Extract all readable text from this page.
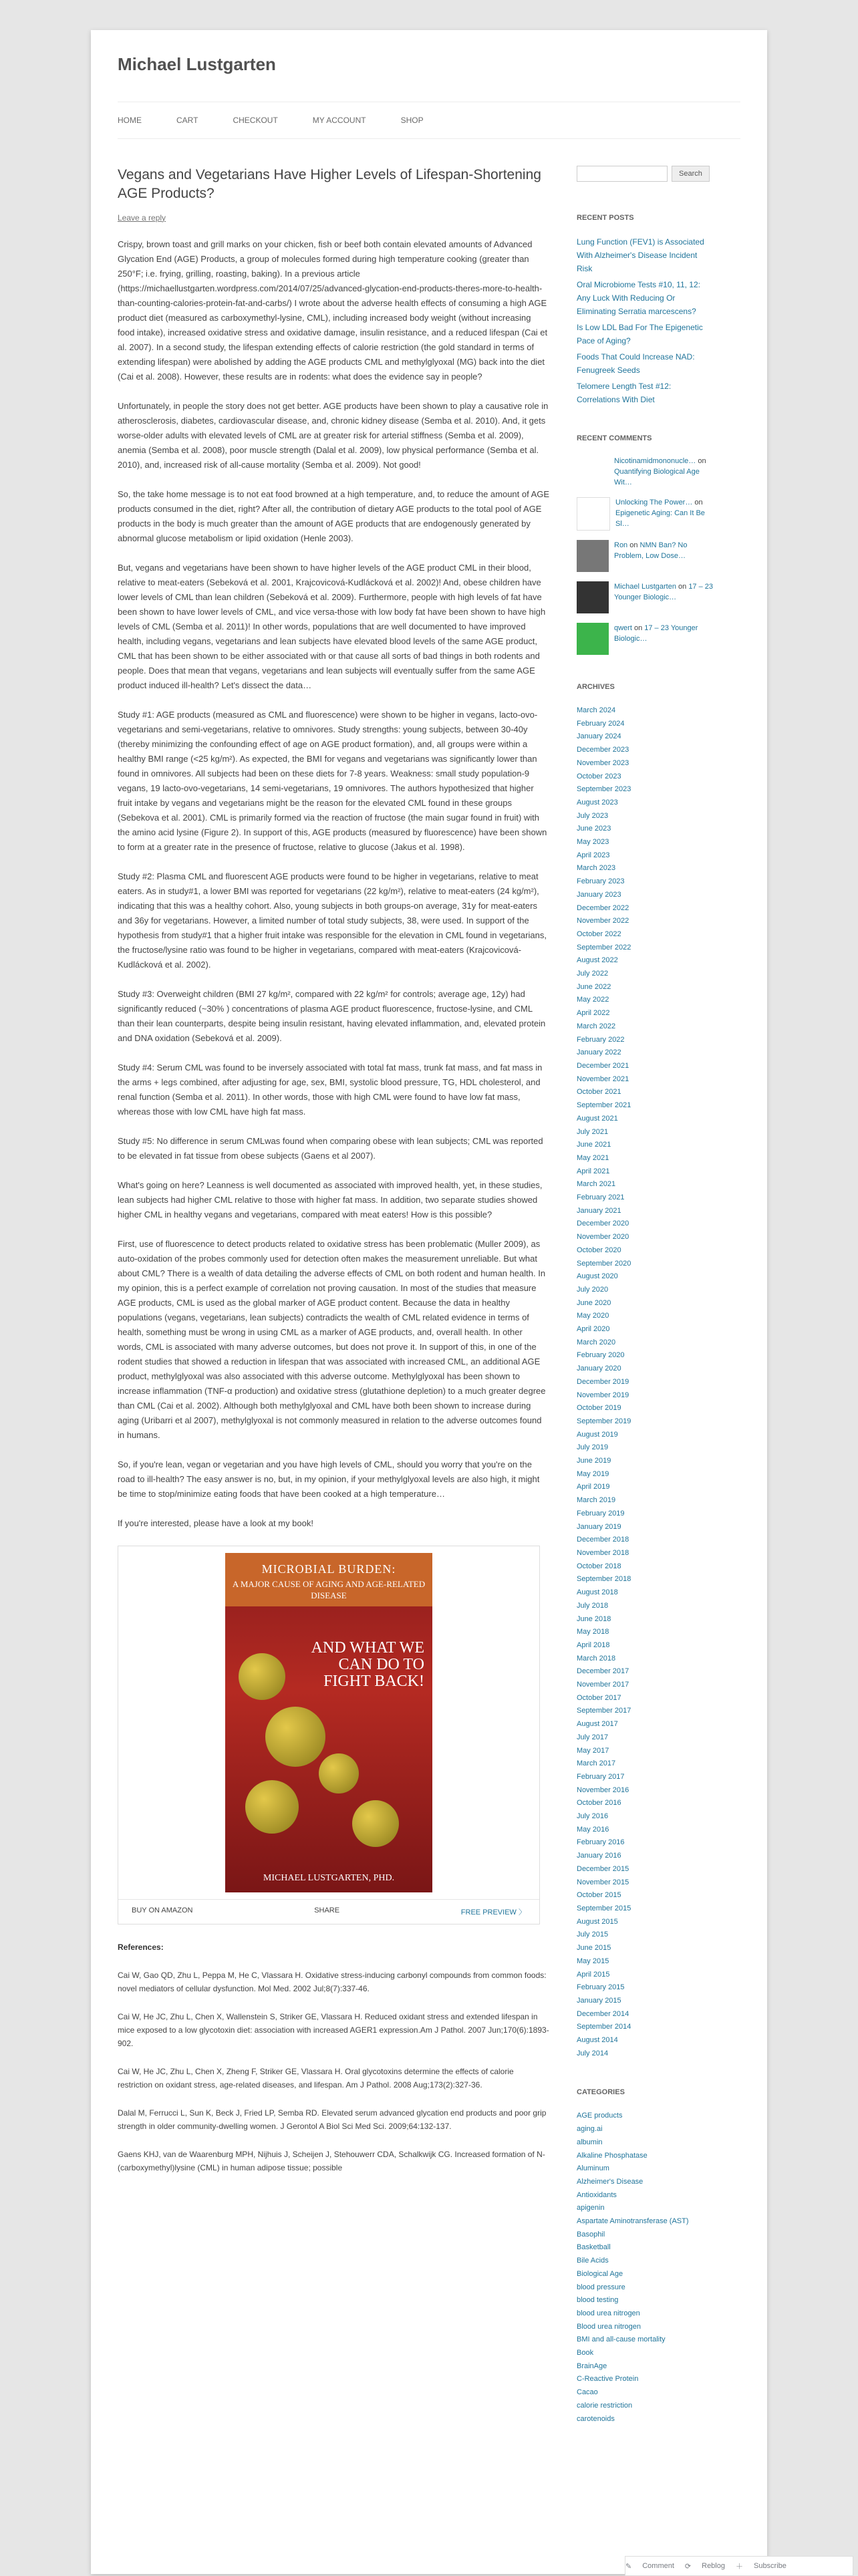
Michael Lustgarten
HOME	CART	CHECKOUT	MY ACCOUNT	SHOP
Vegans and Vegetarians Have Higher Levels of Lifespan-Shortening AGE Products?
Leave a reply

Crispy, brown toast and grill marks on your chicken, fish or beef both contain elevated amounts of Advanced Glycation End (AGE) Products, a group of molecules formed during high temperature cooking (greater than 250°F; i.e. frying, grilling, roasting, baking). In a previous article (https://michaellustgarten.wordpress.com/2014/07/25/advanced-glycation-end-products-theres-more-to-health-than-counting-calories-protein-fat-and-carbs/) I wrote about the adverse health effects of consuming a high AGE product diet (measured as carboxymethyl-lysine, CML), including increased body weight (without increasing food intake), increased oxidative stress and oxidative damage, insulin resistance, and a reduced lifespan (Cai et al. 2007). In a second study, the lifespan extending effects of calorie restriction (the gold standard in terms of extending lifespan) were abolished by adding the AGE products CML and methylglyoxal (MG) back into the diet (Cai et al. 2008). However, these results are in rodents: what does the evidence say in people?

Unfortunately, in people the story does not get better. AGE products have been shown to play a causative role in atherosclerosis, diabetes, cardiovascular disease, and, chronic kidney disease (Semba et al. 2010). And, it gets worse-older adults with elevated levels of CML are at greater risk for arterial stiffness (Semba et al. 2009), anemia (Semba et al. 2008), poor muscle strength (Dalal et al. 2009), low physical performance (Semba et al. 2010), and, increased risk of all-cause mortality (Semba et al. 2009). Not good!

So, the take home message is to not eat food browned at a high temperature, and, to reduce the amount of AGE products consumed in the diet, right? After all, the contribution of dietary AGE products to the total pool of AGE products in the body is much greater than the amount of AGE products that are endogenously generated by abnormal glucose metabolism or lipid oxidation (Henle 2003).

But, vegans and vegetarians have been shown to have higher levels of the AGE product CML in their blood, relative to meat-eaters (Sebeková et al. 2001, Krajcovicová-Kudlácková et al. 2002)! And, obese children have lower levels of CML than lean children (Sebeková et al. 2009). Furthermore, people with high levels of fat have been shown to have lower levels of CML, and vice versa-those with low body fat have been shown to have high levels of CML (Semba et al. 2011)! In other words, populations that are well documented to have improved health, including vegans, vegetarians and lean subjects have elevated blood levels of the same AGE product, CML that has been shown to be either associated with or that cause all sorts of bad things in both rodents and people. Does that mean that vegans, vegetarians and lean subjects will eventually suffer from the same AGE product induced ill-health? Let's dissect the data…

Study #1: AGE products (measured as CML and fluorescence) were shown to be higher in vegans, lacto-ovo-vegetarians and semi-vegetarians, relative to omnivores. Study strengths: young subjects, between 30-40y (thereby minimizing the confounding effect of age on AGE product formation), and, all groups were within a healthy BMI range (<25 kg/m²). As expected, the BMI for vegans and vegetarians was significantly lower than found in omnivores. All subjects had been on these diets for 7-8 years. Weakness: small study population-9 vegans, 19 lacto-ovo-vegetarians, 14 semi-vegetarians, 19 omnivores. The authors hypothesized that higher fruit intake by vegans and vegetarians might be the reason for the elevated CML found in these groups (Sebekova et al. 2001). CML is primarily formed via the reaction of fructose (the main sugar found in fruit) with the amino acid lysine (Figure 2). In support of this, AGE products (measured by fluorescence) have been shown to form at a greater rate in the presence of fructose, relative to glucose (Jakus et al. 1998).

Study #2: Plasma CML and fluorescent AGE products were found to be higher in vegetarians, relative to meat eaters. As in study#1, a lower BMI was reported for vegetarians (22 kg/m²), relative to meat-eaters (24 kg/m²), indicating that this was a healthy cohort. Also, young subjects in both groups-on average, 31y for meat-eaters and 36y for vegetarians. However, a limited number of total study subjects, 38, were used. In support of the hypothesis from study#1 that a higher fruit intake was responsible for the elevation in CML found in vegetarians, the fructose/lysine ratio was found to be higher in vegetarians, compared with meat-eaters (Krajcovicová-Kudlácková et al. 2002).

Study #3: Overweight children (BMI 27 kg/m², compared with 22 kg/m² for controls; average age, 12y) had significantly reduced (~30% ) concentrations of plasma AGE product fluorescence, fructose-lysine, and CML than their lean counterparts, despite being insulin resistant, having elevated inflammation, and, elevated protein and DNA oxidation (Sebeková et al. 2009).

Study #4: Serum CML was found to be inversely associated with total fat mass, trunk fat mass, and fat mass in the arms + legs combined, after adjusting for age, sex, BMI, systolic blood pressure, TG, HDL cholesterol, and renal function (Semba et al. 2011). In other words, those with high CML were found to have low fat mass, whereas those with low CML have high fat mass.

Study #5: No difference in serum CMLwas found when comparing obese with lean subjects; CML was reported to be elevated in fat tissue from obese subjects (Gaens et al 2007).

What's going on here? Leanness is well documented as associated with improved health, yet, in these studies, lean subjects had higher CML relative to those with higher fat mass. In addition, two separate studies showed higher CML in healthy vegans and vegetarians, compared with meat eaters! How is this possible?

First, use of fluorescence to detect products related to oxidative stress has been problematic (Muller 2009), as auto-oxidation of the probes commonly used for detection often makes the measurement unreliable. But what about CML? There is a wealth of data detailing the adverse effects of CML on both rodent and human health. In my opinion, this is a perfect example of correlation not proving causation. In most of the studies that measure AGE products, CML is used as the global marker of AGE product content. Because the data in healthy populations (vegans, vegetarians, lean subjects) contradicts the wealth of CML related evidence in terms of health, something must be wrong in using CML as a marker of AGE products, and, overall health. In other words, CML is associated with many adverse outcomes, but does not prove it. In support of this, in one of the rodent studies that showed a reduction in lifespan that was associated with increased CML, an additional AGE product, methylglyoxal was also associated with this adverse outcome. Methylglyoxal has been shown to increase inflammation (TNF-α production) and oxidative stress (glutathione depletion) to a much greater degree than CML (Cai et al. 2002). Although both methylglyoxal and CML have both been shown to increase during aging (Uribarri et al 2007), methylglyoxal is not commonly measured in relation to the adverse outcomes found in humans.

So, if you're lean, vegan or vegetarian and you have high levels of CML, should you worry that you're on the road to ill-health? The easy answer is no, but, in my opinion, if your methylglyoxal levels are also high, it might be time to stop/minimize eating foods that have been cooked at a high temperature…

If you're interested, please have a look at my book!

MICROBIAL BURDEN:
A MAJOR CAUSE OF AGING AND AGE-RELATED DISEASE
AND WHAT WE CAN DO TO FIGHT BACK!
MICHAEL LUSTGARTEN, PHD.
BUY ON AMAZON	SHARE	FREE PREVIEW 〉

References:

Cai W, Gao QD, Zhu L, Peppa M, He C, Vlassara H. Oxidative stress-inducing carbonyl compounds from common foods: novel mediators of cellular dysfunction. Mol Med. 2002 Jul;8(7):337-46.

Cai W, He JC, Zhu L, Chen X, Wallenstein S, Striker GE, Vlassara H. Reduced oxidant stress and extended lifespan in mice exposed to a low glycotoxin diet: association with increased AGER1 expression.Am J Pathol. 2007 Jun;170(6):1893-902.

Cai W, He JC, Zhu L, Chen X, Zheng F, Striker GE, Vlassara H. Oral glycotoxins determine the effects of calorie restriction on oxidant stress, age-related diseases, and lifespan. Am J Pathol. 2008 Aug;173(2):327-36.

Dalal M, Ferrucci L, Sun K, Beck J, Fried LP, Semba RD. Elevated serum advanced glycation end products and poor grip strength in older community-dwelling women. J Gerontol A Biol Sci Med Sci. 2009;64:132-137.

Gaens KHJ, van de Waarenburg MPH, Nijhuis J, Scheijen J, Stehouwerr CDA, Schalkwijk CG. Increased formation of N-(carboxymethyl)lysine (CML) in human adipose tissue; possible

Search
RECENT POSTS
Lung Function (FEV1) is Associated With Alzheimer's Disease Incident Risk
Oral Microbiome Tests #10, 11, 12: Any Luck With Reducing Or Eliminating Serratia marcescens?
Is Low LDL Bad For The Epigenetic Pace of Aging?
Foods That Could Increase NAD: Fenugreek Seeds
Telomere Length Test #12: Correlations With Diet
RECENT COMMENTS
Nicotinamidmononucle… on Quantifying Biological Age Wit…
Unlocking The Power… on Epigenetic Aging: Can It Be Sl…
Ron on NMN Ban? No Problem, Low Dose…
Michael Lustgarten on 17 – 23 Younger Biologic…
qwert on 17 – 23 Younger Biologic…
ARCHIVES
March 2024
February 2024
January 2024
December 2023
November 2023
October 2023
September 2023
August 2023
July 2023
June 2023
May 2023
April 2023
March 2023
February 2023
January 2023
December 2022
November 2022
October 2022
September 2022
August 2022
July 2022
June 2022
May 2022
April 2022
March 2022
February 2022
January 2022
December 2021
November 2021
October 2021
September 2021
August 2021
July 2021
June 2021
May 2021
April 2021
March 2021
February 2021
January 2021
December 2020
November 2020
October 2020
September 2020
August 2020
July 2020
June 2020
May 2020
April 2020
March 2020
February 2020
January 2020
December 2019
November 2019
October 2019
September 2019
August 2019
July 2019
June 2019
May 2019
April 2019
March 2019
February 2019
January 2019
December 2018
November 2018
October 2018
September 2018
August 2018
July 2018
June 2018
May 2018
April 2018
March 2018
December 2017
November 2017
October 2017
September 2017
August 2017
July 2017
May 2017
March 2017
February 2017
November 2016
October 2016
July 2016
May 2016
February 2016
January 2016
December 2015
November 2015
October 2015
September 2015
August 2015
July 2015
June 2015
May 2015
April 2015
February 2015
January 2015
December 2014
September 2014
August 2014
July 2014
CATEGORIES
AGE products
aging.ai
albumin
Alkaline Phosphatase
Aluminum
Alzheimer's Disease
Antioxidants
apigenin
Aspartate Aminotransferase (AST)
Basophil
Basketball
Bile Acids
Biological Age
blood pressure
blood testing
blood urea nitrogen
Blood urea nitrogen
BMI and all-cause mortality
Book
BrainAge
C-Reactive Protein
Cacao
calorie restriction
carotenoids
✎ Comment ⟳ Reblog ＋ Subscribe
